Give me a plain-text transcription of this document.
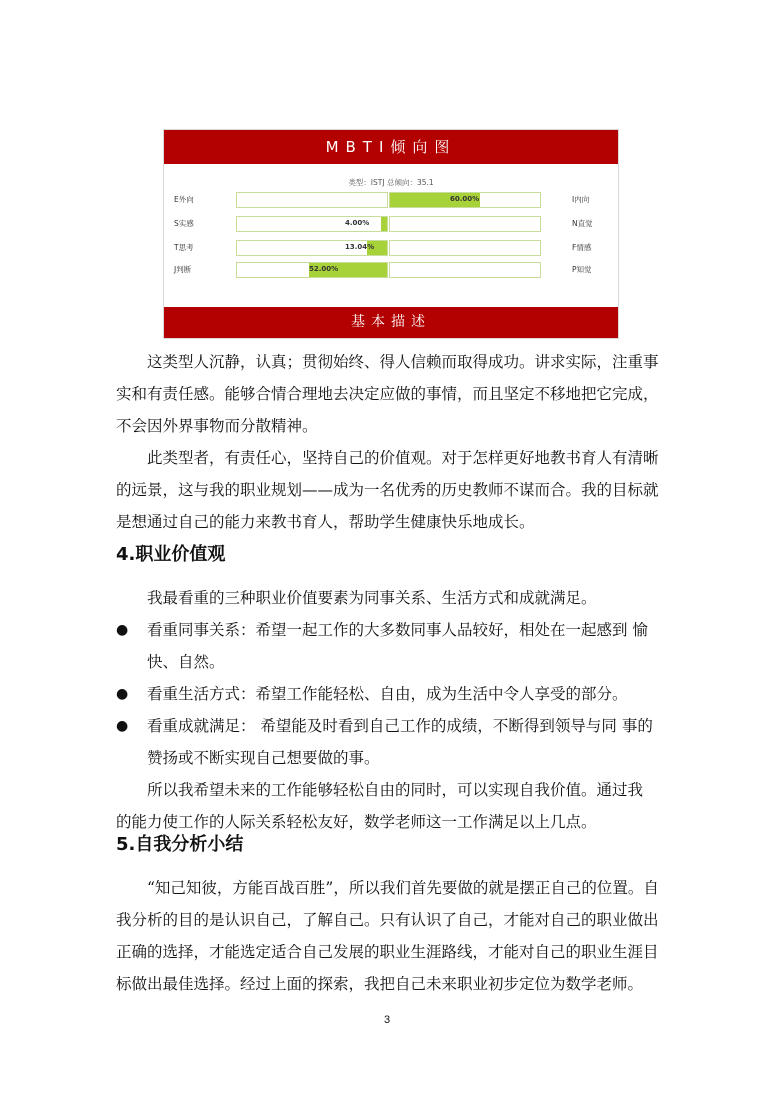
MBTI倾向图
类型：ISTJ 总倾向：35.1
E外向	60.00%	I内向
S实感	4.00%	N直觉
T思考	13.04%	F情感
J判断	52.00%	P知觉
基本描述

这类型人沉静，认真；贯彻始终、得人信赖而取得成功。讲求实际，注重事实和有责任感。能够合情合理地去决定应做的事情，而且坚定不移地把它完成，不会因外界事物而分散精神。

此类型者，有责任心，坚持自己的价值观。对于怎样更好地教书育人有清晰的远景，这与我的职业规划——成为一名优秀的历史教师不谋而合。我的目标就是想通过自己的能力来教书育人，帮助学生健康快乐地成长。

4.职业价值观

我最看重的三种职业价值要素为同事关系、生活方式和成就满足。

● 看重同事关系：希望一起工作的大多数同事人品较好，相处在一起感到 愉快、自然。
● 看重生活方式：希望工作能轻松、自由，成为生活中令人享受的部分。
● 看重成就满足： 希望能及时看到自己工作的成绩，不断得到领导与同 事的赞扬或不断实现自己想要做的事。

所以我希望未来的工作能够轻松自由的同时，可以实现自我价值。通过我 的能力使工作的人际关系轻松友好，数学老师这一工作满足以上几点。

5.自我分析小结

“知己知彼，方能百战百胜”，所以我们首先要做的就是摆正自己的位置。自我分析的目的是认识自己，了解自己。只有认识了自己，才能对自己的职业做出正确的选择，才能选定适合自己发展的职业生涯路线，才能对自己的职业生涯目标做出最佳选择。经过上面的探索，我把自己未来职业初步定位为数学老师。

3
